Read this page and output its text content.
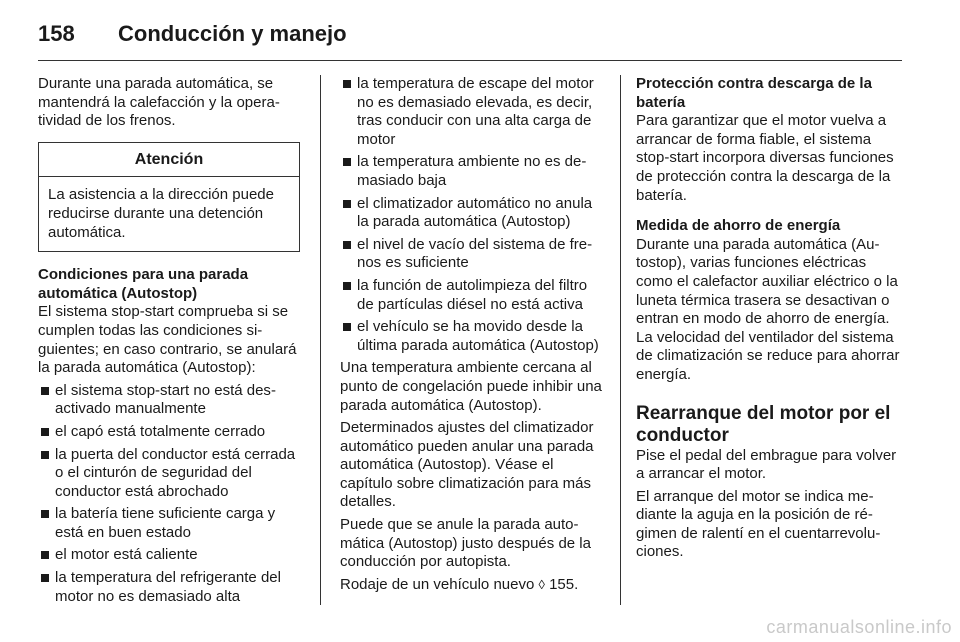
158	Conducción y manejo

Durante una parada automática, se mantendrá la calefacción y la operatividad de los frenos.

Atención
La asistencia a la dirección puede reducirse durante una detención automática.
Condiciones para una parada automática (Autostop)

El sistema stop-start comprueba si se cumplen todas las condiciones siguientes; en caso contrario, se anulará la parada automática (Autostop):

el sistema stop-start no está desactivado manualmente
el capó está totalmente cerrado
la puerta del conductor está cerrada o el cinturón de seguridad del conductor está abrochado
la batería tiene suficiente carga y está en buen estado
el motor está caliente
la temperatura del refrigerante del motor no es demasiado alta
la temperatura de escape del motor no es demasiado elevada, es decir, tras conducir con una alta carga de motor
la temperatura ambiente no es demasiado baja
el climatizador automático no anula la parada automática (Autostop)
el nivel de vacío del sistema de frenos es suficiente
la función de autolimpieza del filtro de partículas diésel no está activa
el vehículo se ha movido desde la última parada automática (Autostop)

Una temperatura ambiente cercana al punto de congelación puede inhibir una parada automática (Autostop).

Determinados ajustes del climatizador automático pueden anular una parada automática (Autostop). Véase el capítulo sobre climatización para más detalles.

Puede que se anule la parada automática (Autostop) justo después de la conducción por autopista.

Rodaje de un vehículo nuevo ◊ 155.

Protección contra descarga de la batería

Para garantizar que el motor vuelva a arrancar de forma fiable, el sistema stop-start incorpora diversas funciones de protección contra la descarga de la batería.

Medida de ahorro de energía

Durante una parada automática (Autostop), varias funciones eléctricas como el calefactor auxiliar eléctrico o la luneta térmica trasera se desactivan o entran en modo de ahorro de energía. La velocidad del ventilador del sistema de climatización se reduce para ahorrar energía.

Rearranque del motor por el conductor

Pise el pedal del embrague para volver a arrancar el motor.

El arranque del motor se indica mediante la aguja en la posición de régimen de ralentí en el cuentarrevoluciones.

carmanualsonline.info
